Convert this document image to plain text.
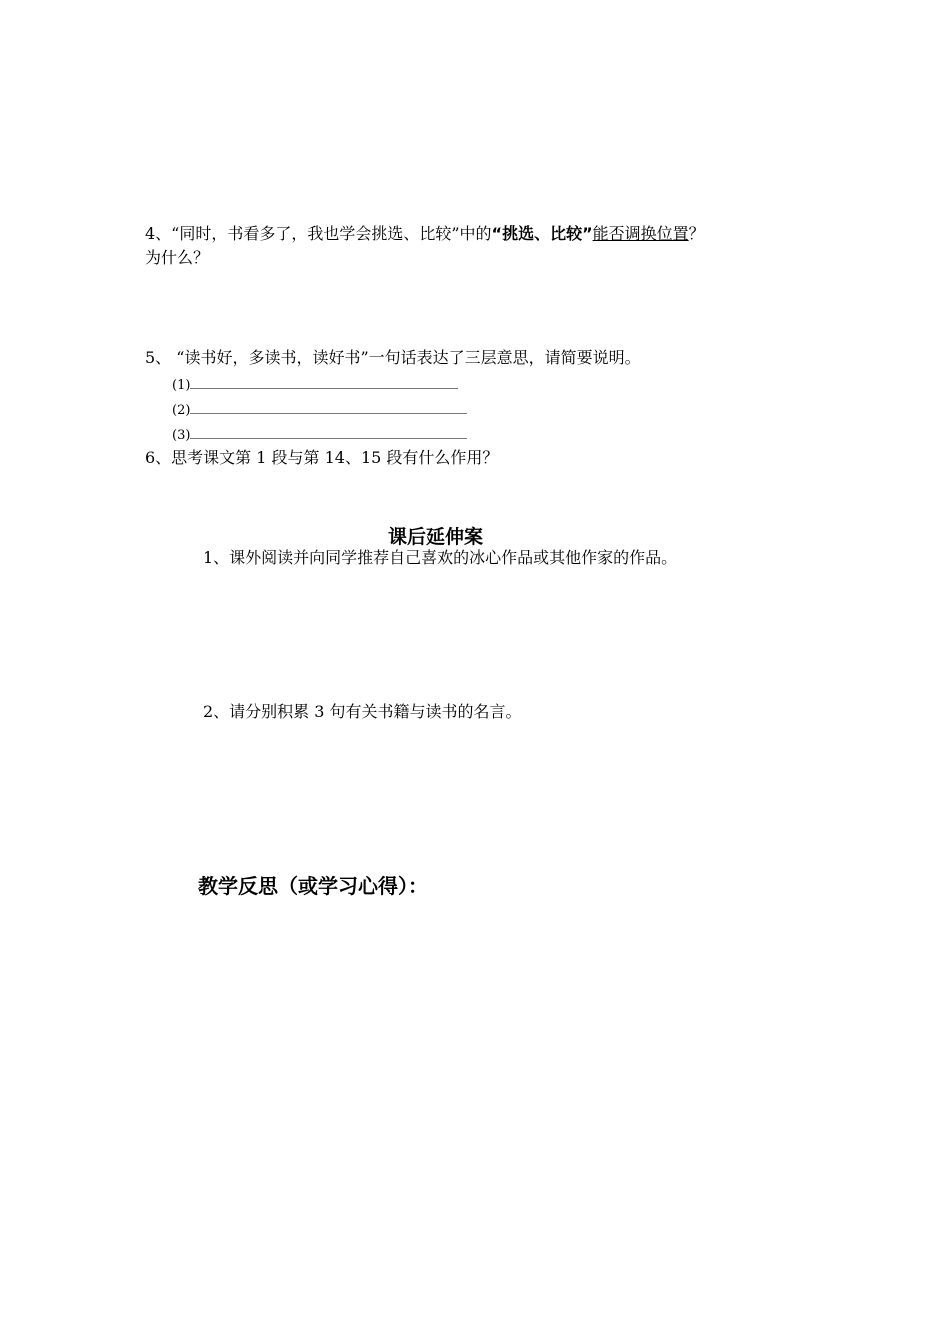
4、“同时，书看多了，我也学会挑选、比较”中的“挑选、比较”能否调换位置？
为什么？
5、 “读书好，多读书，读好书”一句话表达了三层意思，请简要说明。
(1)
(2)
(3)
6、思考课文第 1 段与第 14、15 段有什么作用？
课后延伸案
1、课外阅读并向同学推荐自己喜欢的冰心作品或其他作家的作品。
2、请分别积累 3 句有关书籍与读书的名言。
教学反思（或学习心得）：
